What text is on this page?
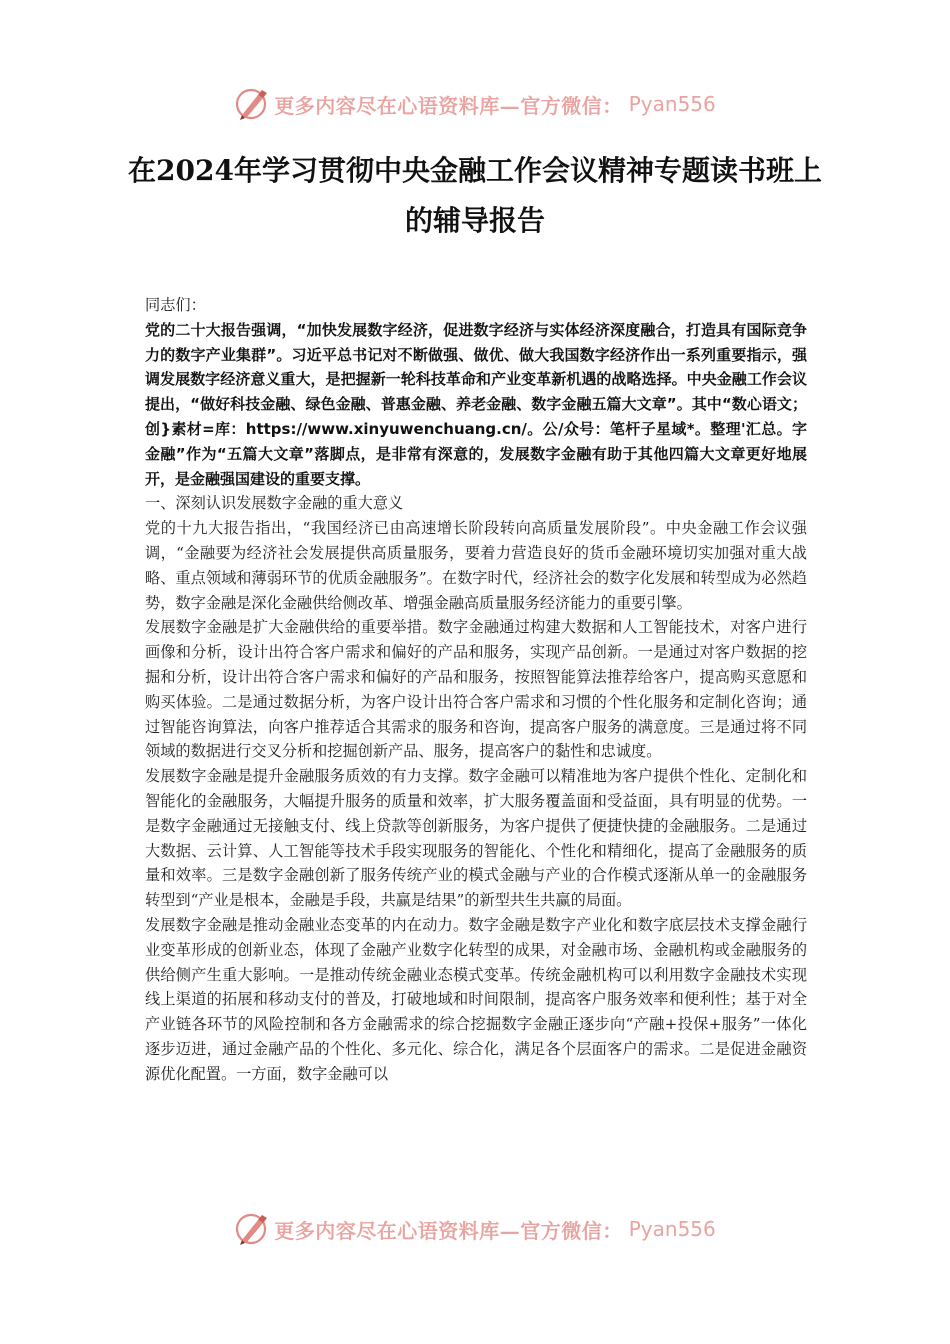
更多内容尽在心语资料库—官方微信： Pyan556
在2024年学习贯彻中央金融工作会议精神专题读书班上的辅导报告

同志们：

党的二十大报告强调，“加快发展数字经济，促进数字经济与实体经济深度融合，打造具有国际竞争力的数字产业集群”。习近平总书记对不断做强、做优、做大我国数字经济作出一系列重要指示，强调发展数字经济意义重大，是把握新一轮科技革命和产业变革新机遇的战略选择。中央金融工作会议提出，“做好科技金融、绿色金融、普惠金融、养老金融、数字金融五篇大文章”。其中“数心语文；创}素材=库：https://www.xinyuwenchuang.cn/。公/众号：笔杆子星域*。整理'汇总。字金融”作为“五篇大文章”落脚点，是非常有深意的，发展数字金融有助于其他四篇大文章更好地展开，是金融强国建设的重要支撑。

一、深刻认识发展数字金融的重大意义

党的十九大报告指出，“我国经济已由高速增长阶段转向高质量发展阶段”。中央金融工作会议强调，“金融要为经济社会发展提供高质量服务，要着力营造良好的货币金融环境切实加强对重大战略、重点领域和薄弱环节的优质金融服务”。在数字时代，经济社会的数字化发展和转型成为必然趋势，数字金融是深化金融供给侧改革、增强金融高质量服务经济能力的重要引擎。

发展数字金融是扩大金融供给的重要举措。数字金融通过构建大数据和人工智能技术，对客户进行画像和分析，设计出符合客户需求和偏好的产品和服务，实现产品创新。一是通过对客户数据的挖掘和分析，设计出符合客户需求和偏好的产品和服务，按照智能算法推荐给客户，提高购买意愿和购买体验。二是通过数据分析，为客户设计出符合客户需求和习惯的个性化服务和定制化咨询；通过智能咨询算法，向客户推荐适合其需求的服务和咨询，提高客户服务的满意度。三是通过将不同领域的数据进行交叉分析和挖掘创新产品、服务，提高客户的黏性和忠诚度。

发展数字金融是提升金融服务质效的有力支撑。数字金融可以精准地为客户提供个性化、定制化和智能化的金融服务，大幅提升服务的质量和效率，扩大服务覆盖面和受益面，具有明显的优势。一是数字金融通过无接触支付、线上贷款等创新服务，为客户提供了便捷快捷的金融服务。二是通过大数据、云计算、人工智能等技术手段实现服务的智能化、个性化和精细化，提高了金融服务的质量和效率。三是数字金融创新了服务传统产业的模式金融与产业的合作模式逐渐从单一的金融服务转型到“产业是根本，金融是手段，共赢是结果”的新型共生共赢的局面。

发展数字金融是推动金融业态变革的内在动力。数字金融是数字产业化和数字底层技术支撑金融行业变革形成的创新业态，体现了金融产业数字化转型的成果，对金融市场、金融机构或金融服务的供给侧产生重大影响。一是推动传统金融业态模式变革。传统金融机构可以利用数字金融技术实现线上渠道的拓展和移动支付的普及，打破地域和时间限制，提高客户服务效率和便利性；基于对全产业链各环节的风险控制和各方金融需求的综合挖掘数字金融正逐步向“产融+投保+服务”一体化逐步迈进，通过金融产品的个性化、多元化、综合化，满足各个层面客户的需求。二是促进金融资源优化配置。一方面，数字金融可以

更多内容尽在心语资料库—官方微信： Pyan556
